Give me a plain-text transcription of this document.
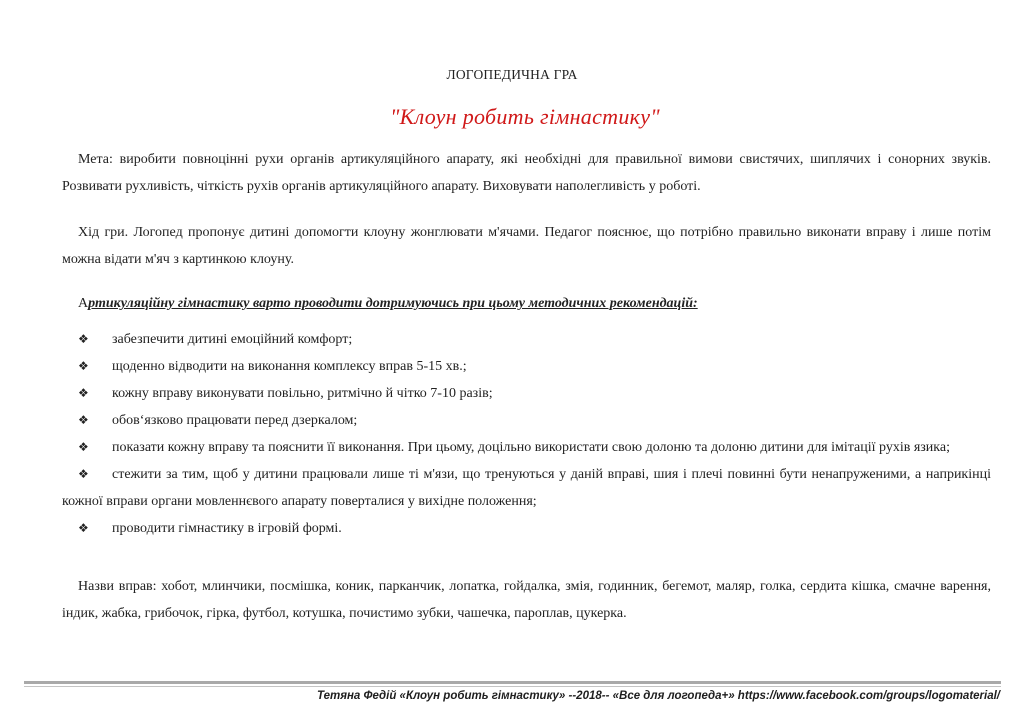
ЛОГОПЕДИЧНА ГРА
"Клоун робить гімнастику"
Мета: виробити повноцінні рухи органів артикуляційного апарату, які необхідні для правильної вимови свистячих, шиплячих і сонорних звуків. Розвивати рухливість, чіткість рухів органів артикуляційного апарату. Виховувати наполегливість у роботі.
Хід гри. Логопед пропонує дитині допомогти клоуну жонглювати м'ячами. Педагог пояснює, що потрібно правильно виконати вправу і лише потім можна відати м'яч з картинкою клоуну.
Артикуляційну гімнастику варто проводити дотримуючись при цьому методичних рекомендацій:
❖ забезпечити дитині емоційний комфорт;
❖ щоденно відводити на виконання комплексу вправ 5-15 хв.;
❖ кожну вправу виконувати повільно, ритмічно й чітко 7-10 разів;
❖ обов‘язково працювати перед дзеркалом;
❖ показати кожну вправу та пояснити її виконання. При цьому, доцільно використати свою долоню та долоню дитини для імітації рухів язика;
❖ стежити за тим, щоб у дитини працювали лише ті м'язи, що тренуються у даній вправі, шия і плечі повинні бути ненапруженими, а наприкінці кожної вправи органи мовленнєвого апарату поверталися у вихідне положення;
❖ проводити гімнастику в ігровій формі.
Назви вправ: хобот, млинчики, посмішка, коник, парканчик, лопатка, гойдалка, змія, годинник, бегемот, маляр, голка, сердита кішка, смачне варення, індик, жабка, грибочок, гірка, футбол, котушка, почистимо зубки, чашечка, пароплав, цукерка.
Тетяна Федій «Клоун робить гімнастику» --2018-- «Все для логопеда+» https://www.facebook.com/groups/logomaterial/
